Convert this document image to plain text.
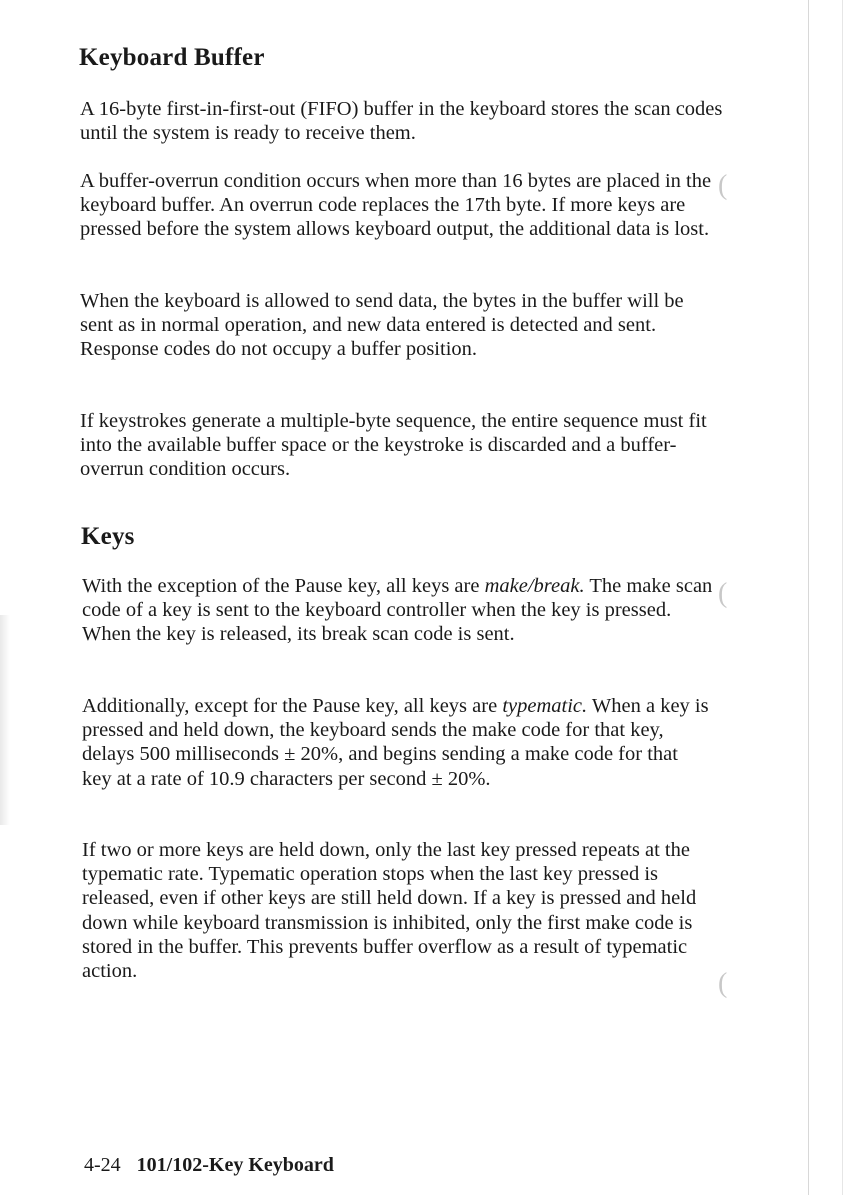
(
(
(
Keyboard Buffer

A 16-byte first-in-first-out (FIFO) buffer in the keyboard stores the scan codes until the system is ready to receive them.

A buffer-overrun condition occurs when more than 16 bytes are placed in the keyboard buffer. An overrun code replaces the 17th byte. If more keys are pressed before the system allows keyboard output, the additional data is lost.

When the keyboard is allowed to send data, the bytes in the buffer will be sent as in normal operation, and new data entered is detected and sent. Response codes do not occupy a buffer position.

If keystrokes generate a multiple-byte sequence, the entire sequence must fit into the available buffer space or the keystroke is discarded and a buffer-overrun condition occurs.

Keys

With the exception of the Pause key, all keys are make/break. The make scan code of a key is sent to the keyboard controller when the key is pressed. When the key is released, its break scan code is sent.

Additionally, except for the Pause key, all keys are typematic. When a key is pressed and held down, the keyboard sends the make code for that key, delays 500 milliseconds ± 20%, and begins sending a make code for that key at a rate of 10.9 characters per second ± 20%.

If two or more keys are held down, only the last key pressed repeats at the typematic rate. Typematic operation stops when the last key pressed is released, even if other keys are still held down. If a key is pressed and held down while keyboard transmission is inhibited, only the first make code is stored in the buffer. This prevents buffer overflow as a result of typematic action.

4-24 101/102-Key Keyboard
